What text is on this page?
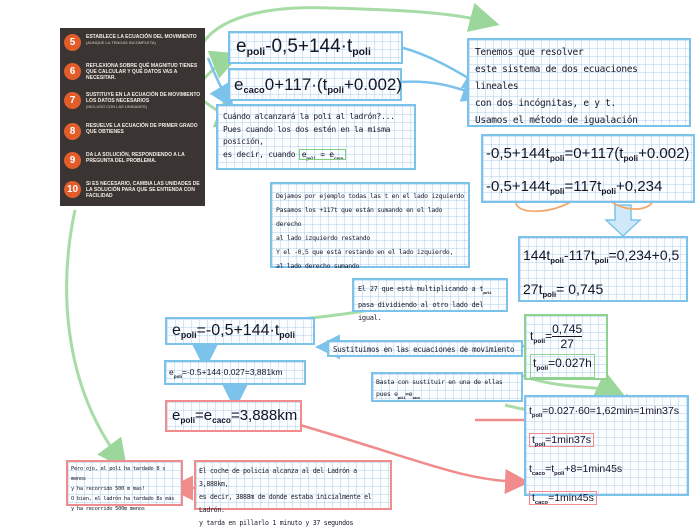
5	ESTABLECE LA ECUACIÓN DEL MOVIMIENTO
(AUNQUE LA TENGAS INCOMPLETA)
6	REFLEXIONA SOBRE QUÉ MAGNITUD TIENES QUE CALCULAR Y QUÉ DATOS VAS A NECESITAR.
7	SUSTITUYE EN LA ECUACIÓN DE MOVIMIENTO LOS DATOS NECESARIOS
(INCLUSO CON LAS UNIDADES)
8	RESUELVE LA ECUACIÓN DE PRIMER GRADO QUE OBTIENES
9	DA LA SOLUCIÓN, RESPONDIENDO A LA PREGUNTA DEL PROBLEMA.
10	SI ES NECESARIO, CAMBIA LAS UNIDADES DE LA SOLUCIÓN PARA QUE SE ENTIENDA CON FACILIDAD
$e_{poli}-0,5+144\cdot t_{poli}$
$e_{caco}0+117\cdot(t_{poli}+0.002)$
Cuándo alcanzará la poli al ladrón?...
Pues cuando los dos estén en la misma posición,
es decir, cuando $e_{poli} = e_{caco}$
Tenemos que resolver
este sistema de dos ecuaciones lineales
con dos incógnitas, e y t.
Usamos el método de igualación
$-0,5+144t_{poli}=0+117(t_{poli}+0.002)$
$-0,5+144t_{poli}=117t_{poli}+0,234$
Dejamos por ejemplo todas las t en el lado izquierdo
Pasamos los +117t que están sumando en el lado derecho
al lado izquierdo restando
Y el -0,5 que está restando en el lado izquierdo,
al lado derecho sumando
$144t_{poli}-117t_{poli}=0,234+0,5$
$27t_{poli}= 0,745$
El 27 que está multiplicando a $t_{poli}$
pasa dividiendo al otro lado del igual.
$t_{poli}= \frac{0,745}{27}$
$t_{poli}=0.027h$
Sustituimos en las ecuaciones de movimiento
Basta con sustituir en una de ellas
pues $e_{poli}=e_{caco}$
$e_{poli}=-0,5+144\cdot t_{poli}$
$e_{poli}=-0.5+144\cdot 0.027=3,881km$
$e_{poli}=e_{caco}=3,888km$	$t_{poli}=0.027\cdot 60=1,62\min=1\min 37s$
$t_{poli}=1\min 37s$
$t_{caco}=t_{poli}+8=1\min 45s$
$t_{caco}=1\min 45s$
El coche de policía alcanza al del Ladrón a 3,888km,
es decir, 3888m de donde estaba inicialmente el Ladrón.
y tarda en pillarlo 1 minuto y 37 segundos
Pero ojo, el poli ha tardado 8 s menos
y ha recorrido 500 m mas!
O bien, el ladrón ha tardado 8s más
y ha recorrido 500m menos
